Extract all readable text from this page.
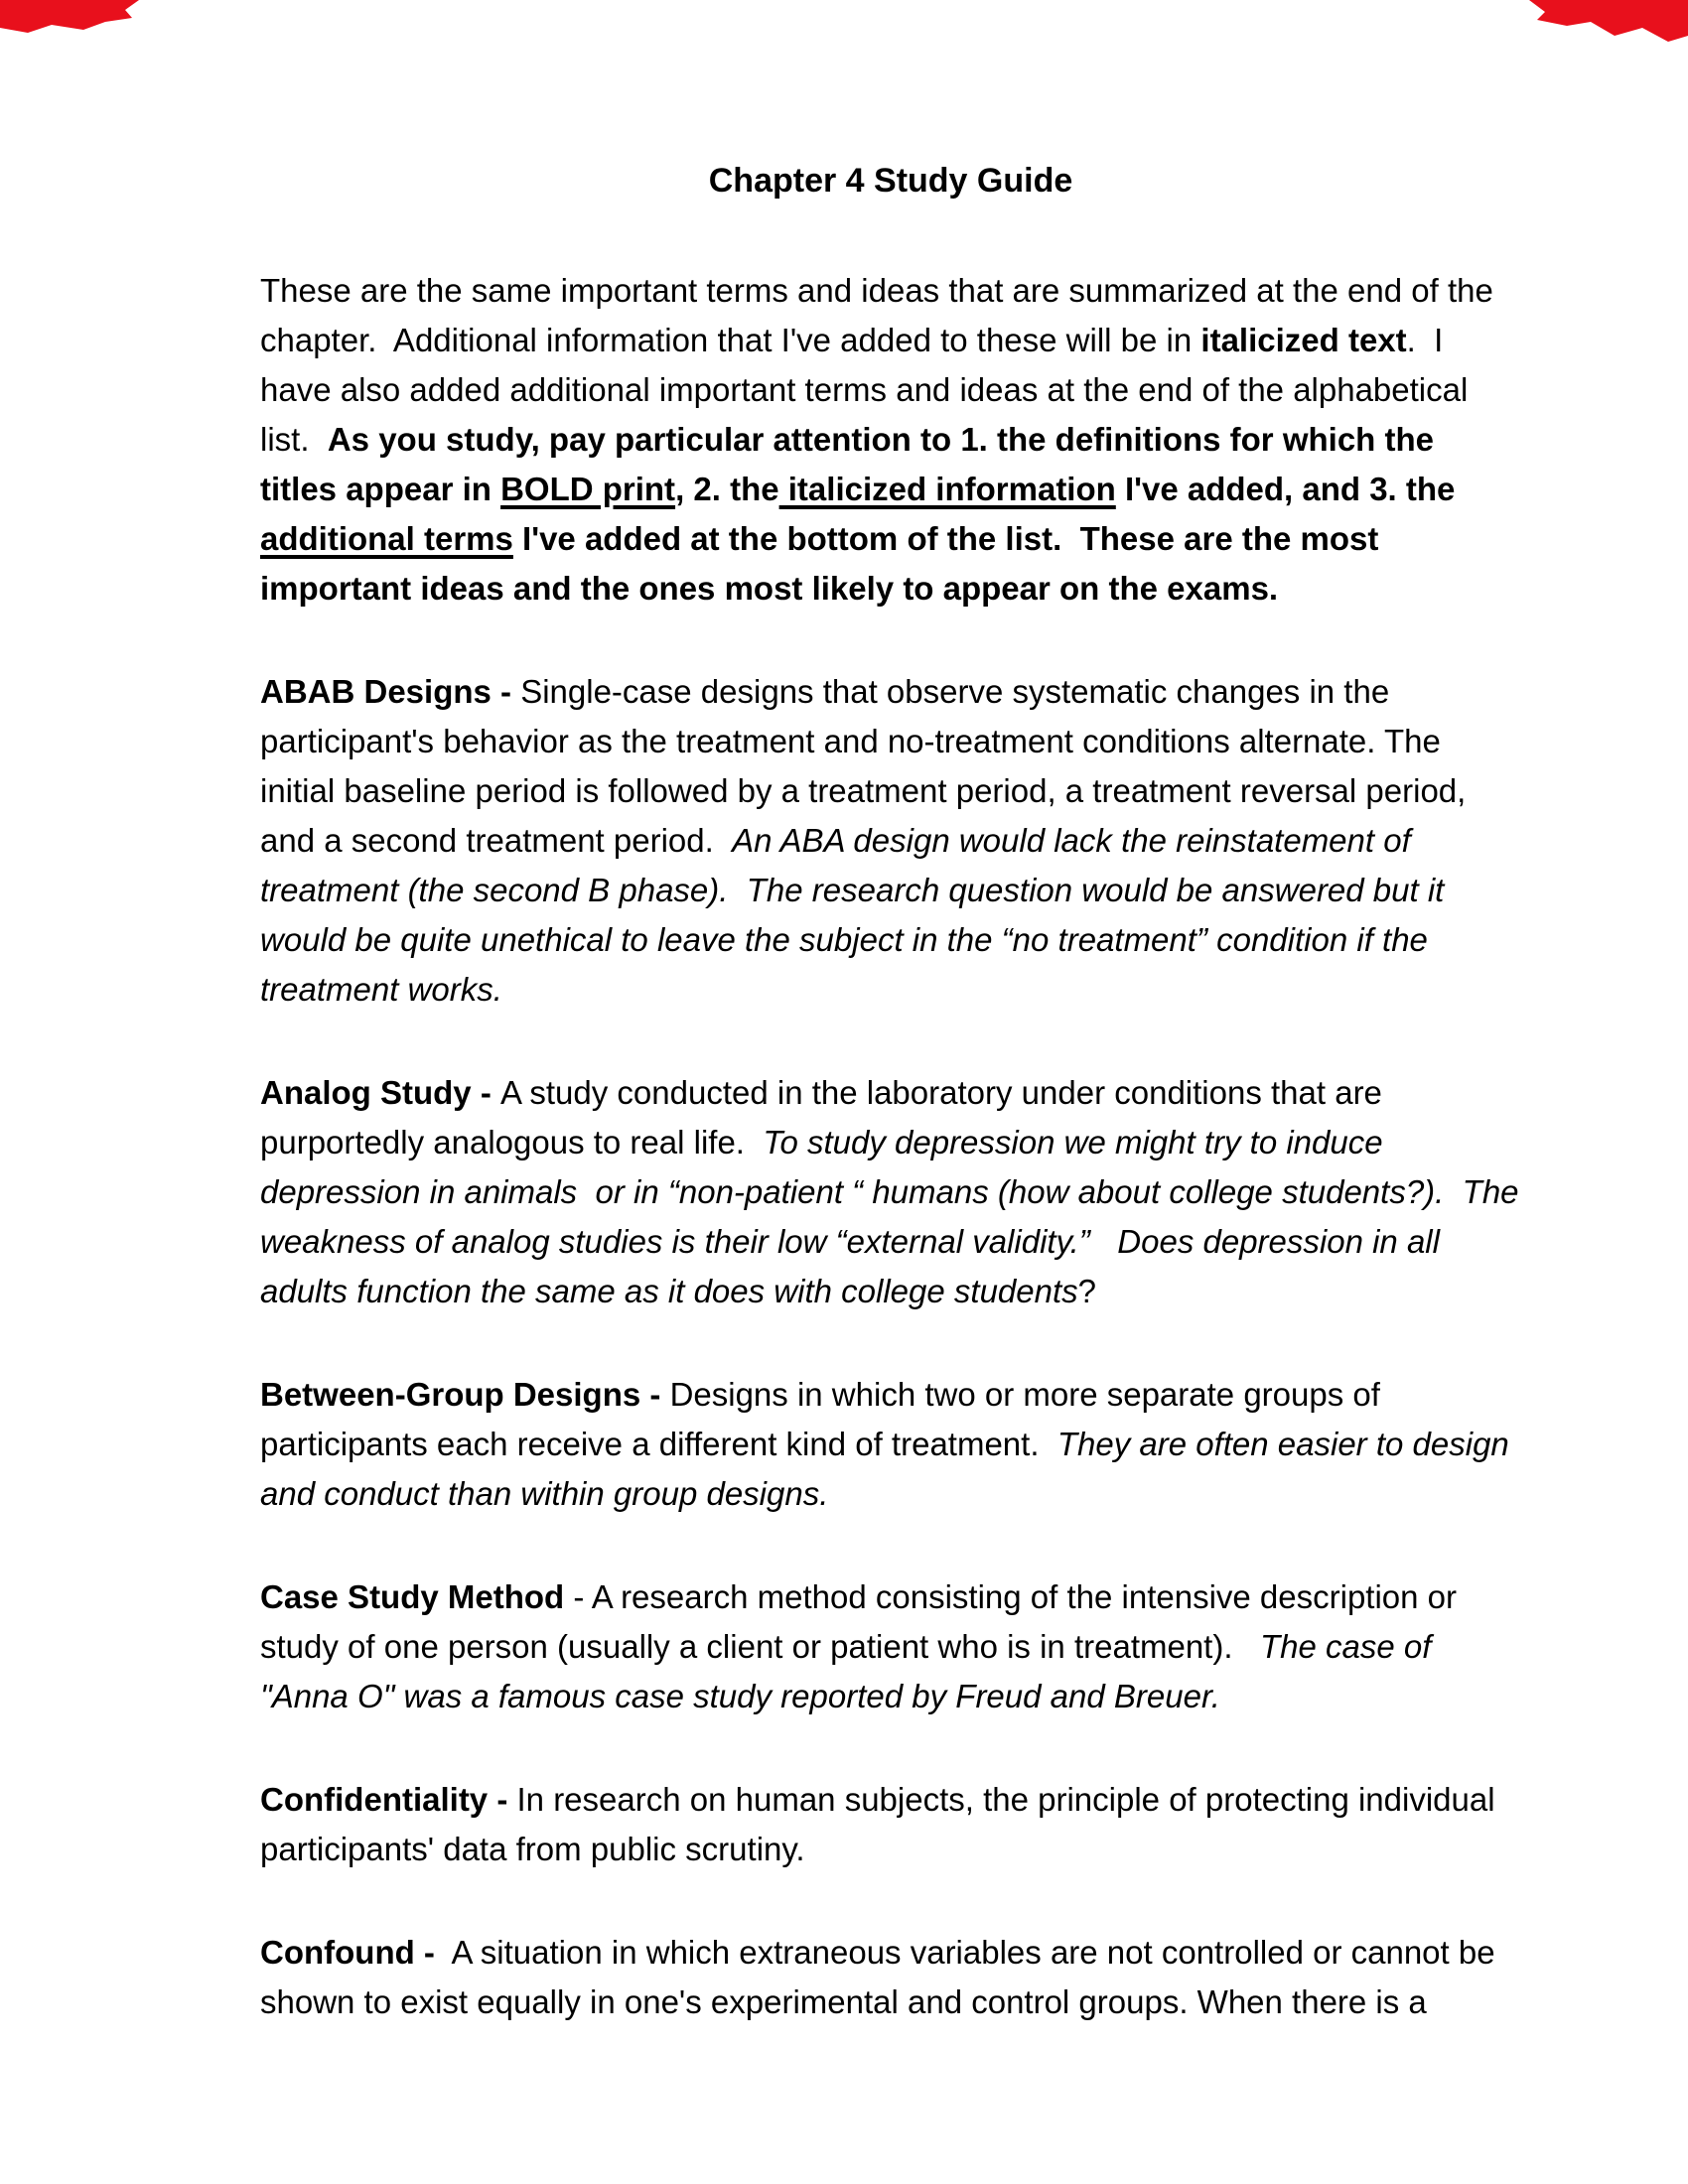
Chapter 4 Study Guide
These are the same important terms and ideas that are summarized at the end of the
chapter.  Additional information that I've added to these will be in italicized text.  I
have also added additional important terms and ideas at the end of the alphabetical
list.  As you study, pay particular attention to 1. the definitions for which the
titles appear in BOLD print, 2. the italicized information I've added, and 3. the
additional terms I've added at the bottom of the list.  These are the most
important ideas and the ones most likely to appear on the exams.
ABAB Designs - Single-case designs that observe systematic changes in the
participant's behavior as the treatment and no-treatment conditions alternate. The
initial baseline period is followed by a treatment period, a treatment reversal period,
and a second treatment period.  An ABA design would lack the reinstatement of
treatment (the second B phase).  The research question would be answered but it
would be quite unethical to leave the subject in the “no treatment” condition if the
treatment works.
Analog Study - A study conducted in the laboratory under conditions that are
purportedly analogous to real life.  To study depression we might try to induce
depression in animals  or in “non-patient “ humans (how about college students?).  The
weakness of analog studies is their low “external validity.”   Does depression in all
adults function the same as it does with college students?
Between-Group Designs - Designs in which two or more separate groups of
participants each receive a different kind of treatment.  They are often easier to design
and conduct than within group designs.
Case Study Method - A research method consisting of the intensive description or
study of one person (usually a client or patient who is in treatment).   The case of
"Anna O" was a famous case study reported by Freud and Breuer.
Confidentiality - In research on human subjects, the principle of protecting individual
participants' data from public scrutiny.
Confound -  A situation in which extraneous variables are not controlled or cannot be
shown to exist equally in one's experimental and control groups. When there is a
